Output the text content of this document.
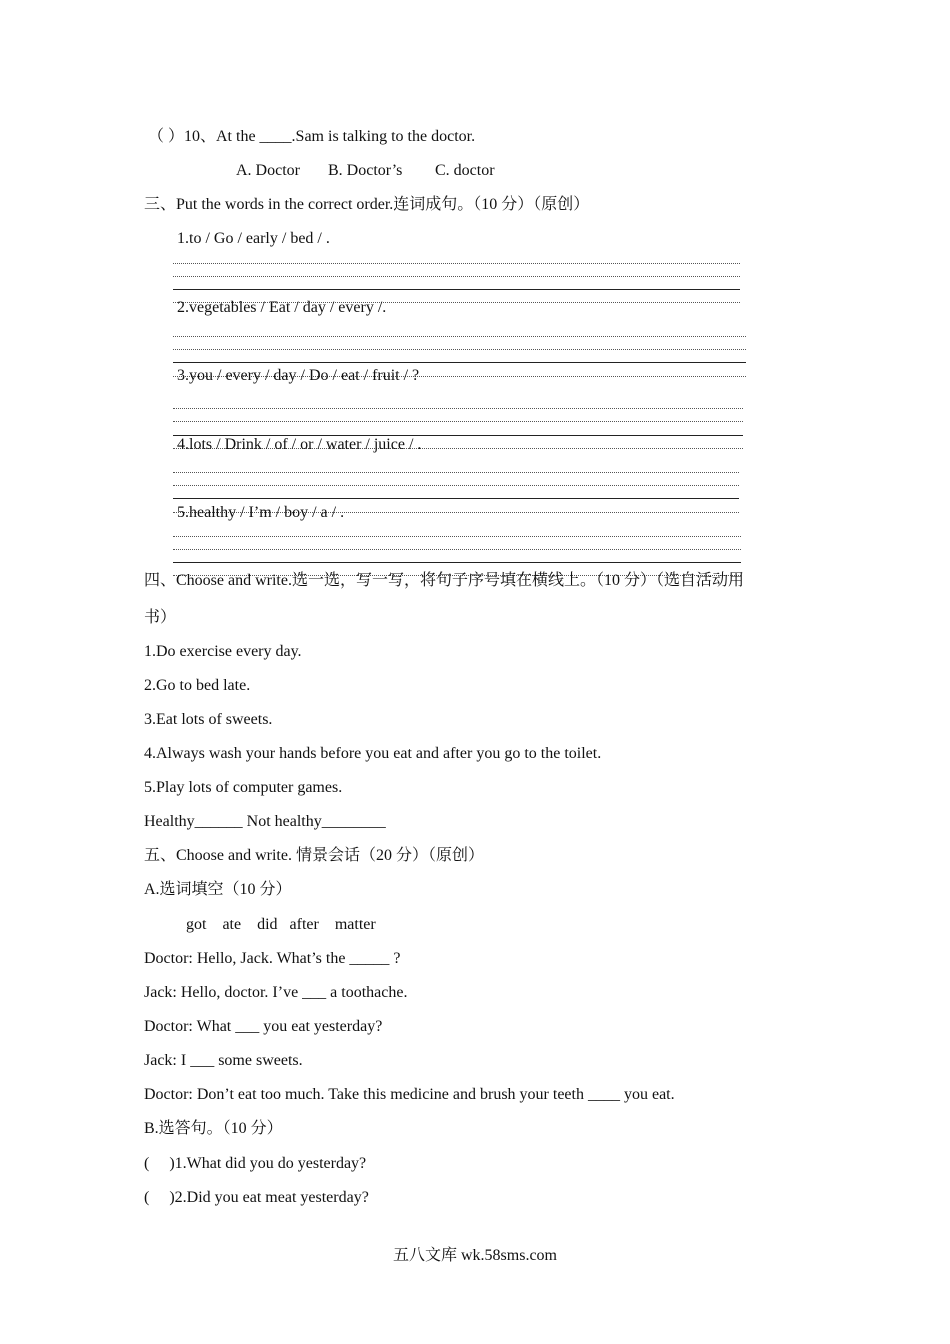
（ ）10、At the ____.Sam is talking to the doctor.
A. Doctor B. Doctor’s C. doctor
三、Put the words in the correct order.连词成句。（10 分）（原创）
1.to / Go / early / bed / .
2.vegetables / Eat / day / every /.
3.you / every / day / Do / eat / fruit / ?
4.lots / Drink / of / or / water / juice / .
5.healthy / I’m / boy / a / .
四、Choose and write.选一选，写一写，将句子序号填在横线上。（10 分）（选自活动用
书）
1.Do exercise every day.
2.Go to bed late.
3.Eat lots of sweets.
4.Always wash your hands before you eat and after you go to the toilet.
5.Play lots of computer games.
Healthy______ Not healthy________
五、Choose and write. 情景会话（20 分）（原创）
A.选词填空（10 分）
got    ate    did   after    matter
Doctor: Hello, Jack. What’s the _____ ?
Jack: Hello, doctor. I’ve ___ a toothache.
Doctor: What ___ you eat yesterday?
Jack: I ___ some sweets.
Doctor: Don’t eat too much. Take this medicine and brush your teeth ____ you eat.
B.选答句。（10 分）
(     )1.What did you do yesterday?
(     )2.Did you eat meat yesterday?
五八文库 wk.58sms.com
